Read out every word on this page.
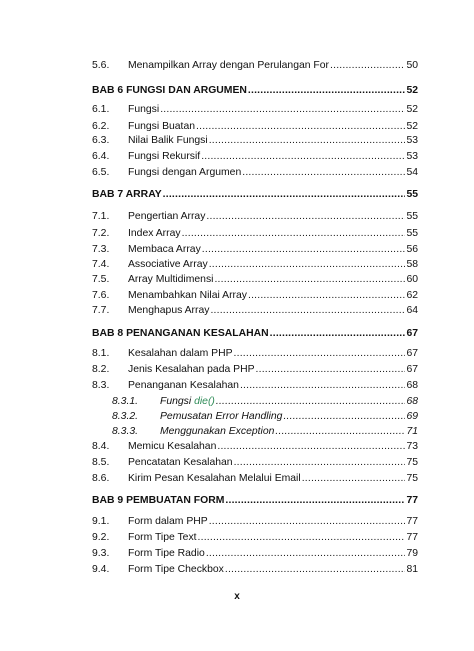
5.6.	Menampilkan Array dengan Perulangan For .....	50
BAB 6 FUNGSI DAN ARGUMEN .....	52
6.1.	Fungsi .....	52
6.2.	Fungsi Buatan .....	52
6.3.	Nilai Balik Fungsi .....	53
6.4.	Fungsi Rekursif .....	53
6.5.	Fungsi dengan Argumen .....	54
BAB 7 ARRAY .....	55
7.1.	Pengertian Array .....	55
7.2.	Index Array .....	55
7.3.	Membaca Array .....	56
7.4.	Associative Array .....	58
7.5.	Array Multidimensi .....	60
7.6.	Menambahkan Nilai Array .....	62
7.7.	Menghapus Array .....	64
BAB 8 PENANGANAN KESALAHAN .....	67
8.1.	Kesalahan dalam PHP .....	67
8.2.	Jenis Kesalahan pada PHP .....	67
8.3.	Penanganan Kesalahan .....	68
8.3.1.	Fungsi die() .....	68
8.3.2.	Pemusatan Error Handling .....	69
8.3.3.	Menggunakan Exception .....	71
8.4.	Memicu Kesalahan .....	73
8.5.	Pencatatan Kesalahan .....	75
8.6.	Kirim Pesan Kesalahan Melalui Email .....	75
BAB 9 PEMBUATAN FORM .....	77
9.1.	Form dalam PHP .....	77
9.2.	Form Tipe Text .....	77
9.3.	Form Tipe Radio .....	79
9.4.	Form Tipe Checkbox .....	81
x
